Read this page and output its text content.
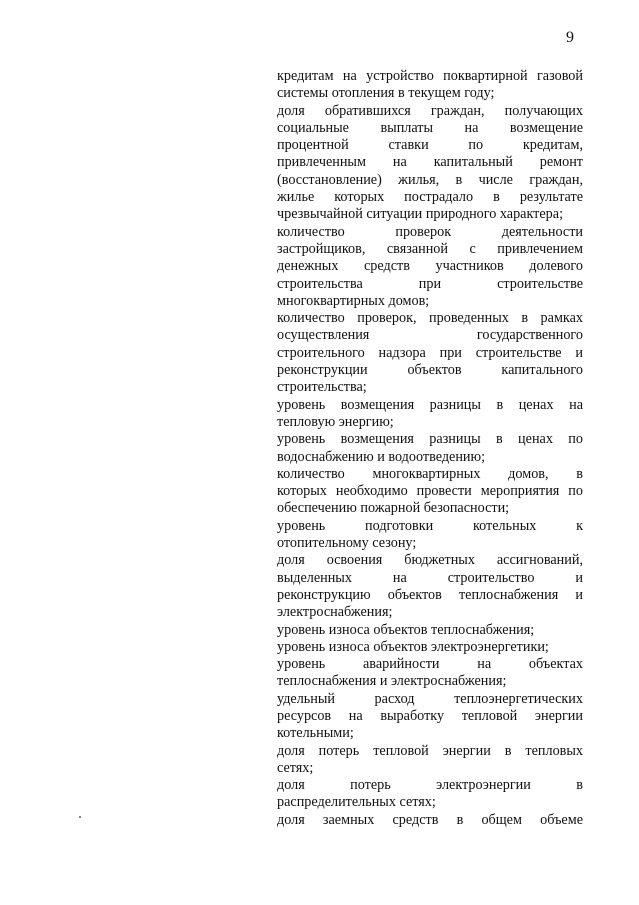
9

кредитам на устройство поквартирной газовой
системы отопления в текущем году;

доля обратившихся граждан, получающих
социальные выплаты на возмещение
процентной ставки по кредитам,
привлеченным на капитальный ремонт
(восстановление) жилья, в числе граждан,
жилье которых пострадало в результате
чрезвычайной ситуации природного характера;

количество проверок деятельности
застройщиков, связанной с привлечением
денежных средств участников долевого
строительства при строительстве
многоквартирных домов;

количество проверок, проведенных в рамках
осуществления государственного
строительного надзора при строительстве и
реконструкции объектов капитального
строительства;

уровень возмещения разницы в ценах на
тепловую энергию;

уровень возмещения разницы в ценах по
водоснабжению и водоотведению;

количество многоквартирных домов, в
которых необходимо провести мероприятия по
обеспечению пожарной безопасности;

уровень подготовки котельных к
отопительному сезону;

доля освоения бюджетных ассигнований,
выделенных на строительство и
реконструкцию объектов теплоснабжения и
электроснабжения;

уровень износа объектов теплоснабжения;

уровень износа объектов электроэнергетики;

уровень аварийности на объектах
теплоснабжения и электроснабжения;

удельный расход теплоэнергетических
ресурсов на выработку тепловой энергии
котельными;

доля потерь тепловой энергии в тепловых
сетях;

доля потерь электроэнергии в
распределительных сетях;

доля заемных средств в общем объеме
